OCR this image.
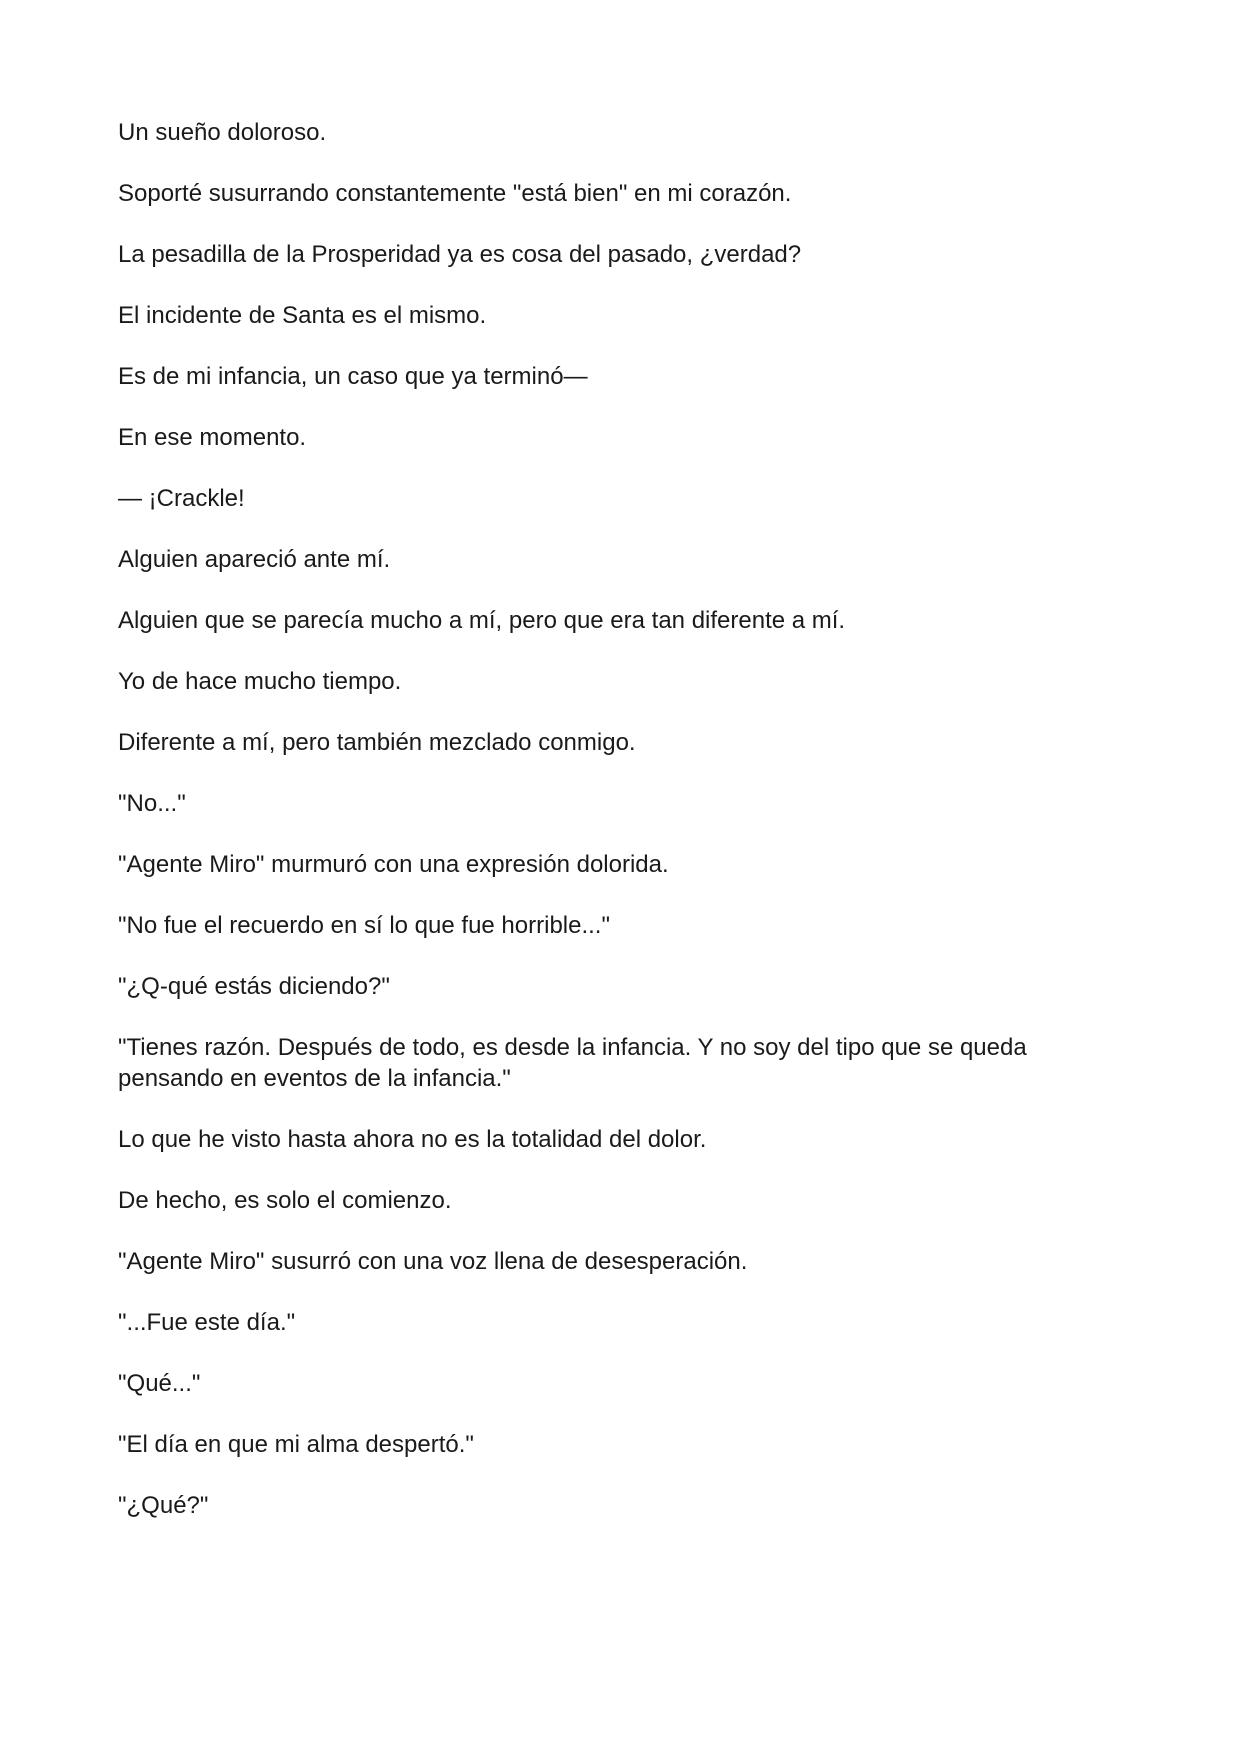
Un sueño doloroso.

Soporté susurrando constantemente "está bien" en mi corazón.

La pesadilla de la Prosperidad ya es cosa del pasado, ¿verdad?

El incidente de Santa es el mismo.

Es de mi infancia, un caso que ya terminó—

En ese momento.

— ¡Crackle!

Alguien apareció ante mí.

Alguien que se parecía mucho a mí, pero que era tan diferente a mí.

Yo de hace mucho tiempo.

Diferente a mí, pero también mezclado conmigo.

"No..."

"Agente Miro" murmuró con una expresión dolorida.

"No fue el recuerdo en sí lo que fue horrible..."

"¿Q-qué estás diciendo?"

"Tienes razón. Después de todo, es desde la infancia. Y no soy del tipo que se queda pensando en eventos de la infancia."

Lo que he visto hasta ahora no es la totalidad del dolor.

De hecho, es solo el comienzo.

"Agente Miro" susurró con una voz llena de desesperación.

"...Fue este día."

"Qué..."

"El día en que mi alma despertó."

"¿Qué?"
